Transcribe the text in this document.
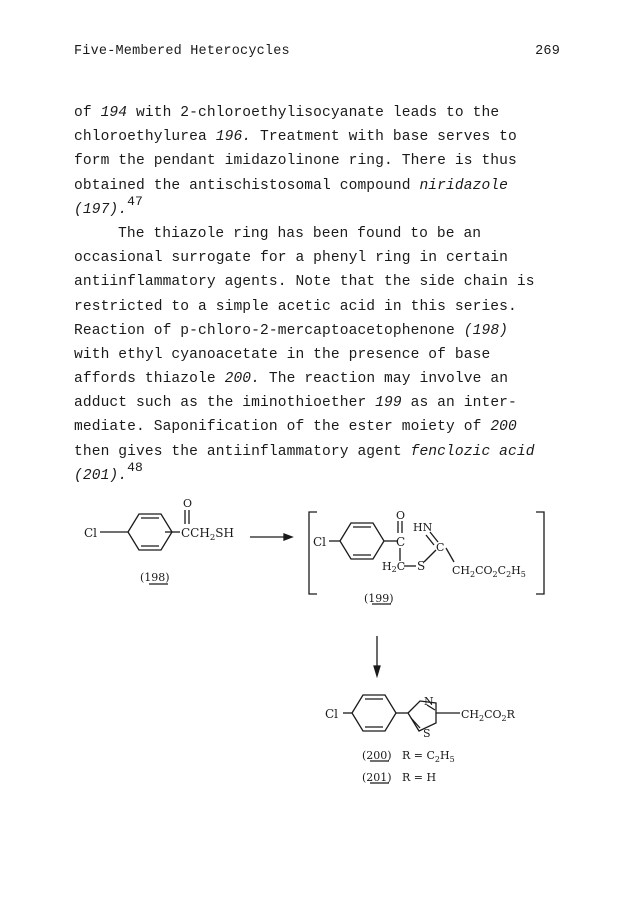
Five-Membered Heterocycles	269
of 194 with 2-chloroethylisocyanate leads to the
chloroethylurea 196. Treatment with base serves to
form the pendant imidazolinone ring. There is thus
obtained the antischistosomal compound niridazole
(197).47
The thiazole ring has been found to be an
occasional surrogate for a phenyl ring in certain
antiinflammatory agents. Note that the side chain is
restricted to a simple acetic acid in this series.
Reaction of p-chloro-2-mercaptoacetophenone (198)
with ethyl cyanoacetate in the presence of base
affords thiazole 200. The reaction may involve an
adduct such as the iminothioether 199 as an inter-
mediate. Saponification of the ester moiety of 200
then gives the antiinflammatory agent fenclozic acid
(201).48
Cl
O
$CCH_2SH$
(198)
Cl
O
C
HN
C
S
H2C	$CH_2CO_2C_2H_5$
(199)
Cl
N
S
$CH_2CO_2R$
(200) $R = C_2H_5$
(201) R = H
